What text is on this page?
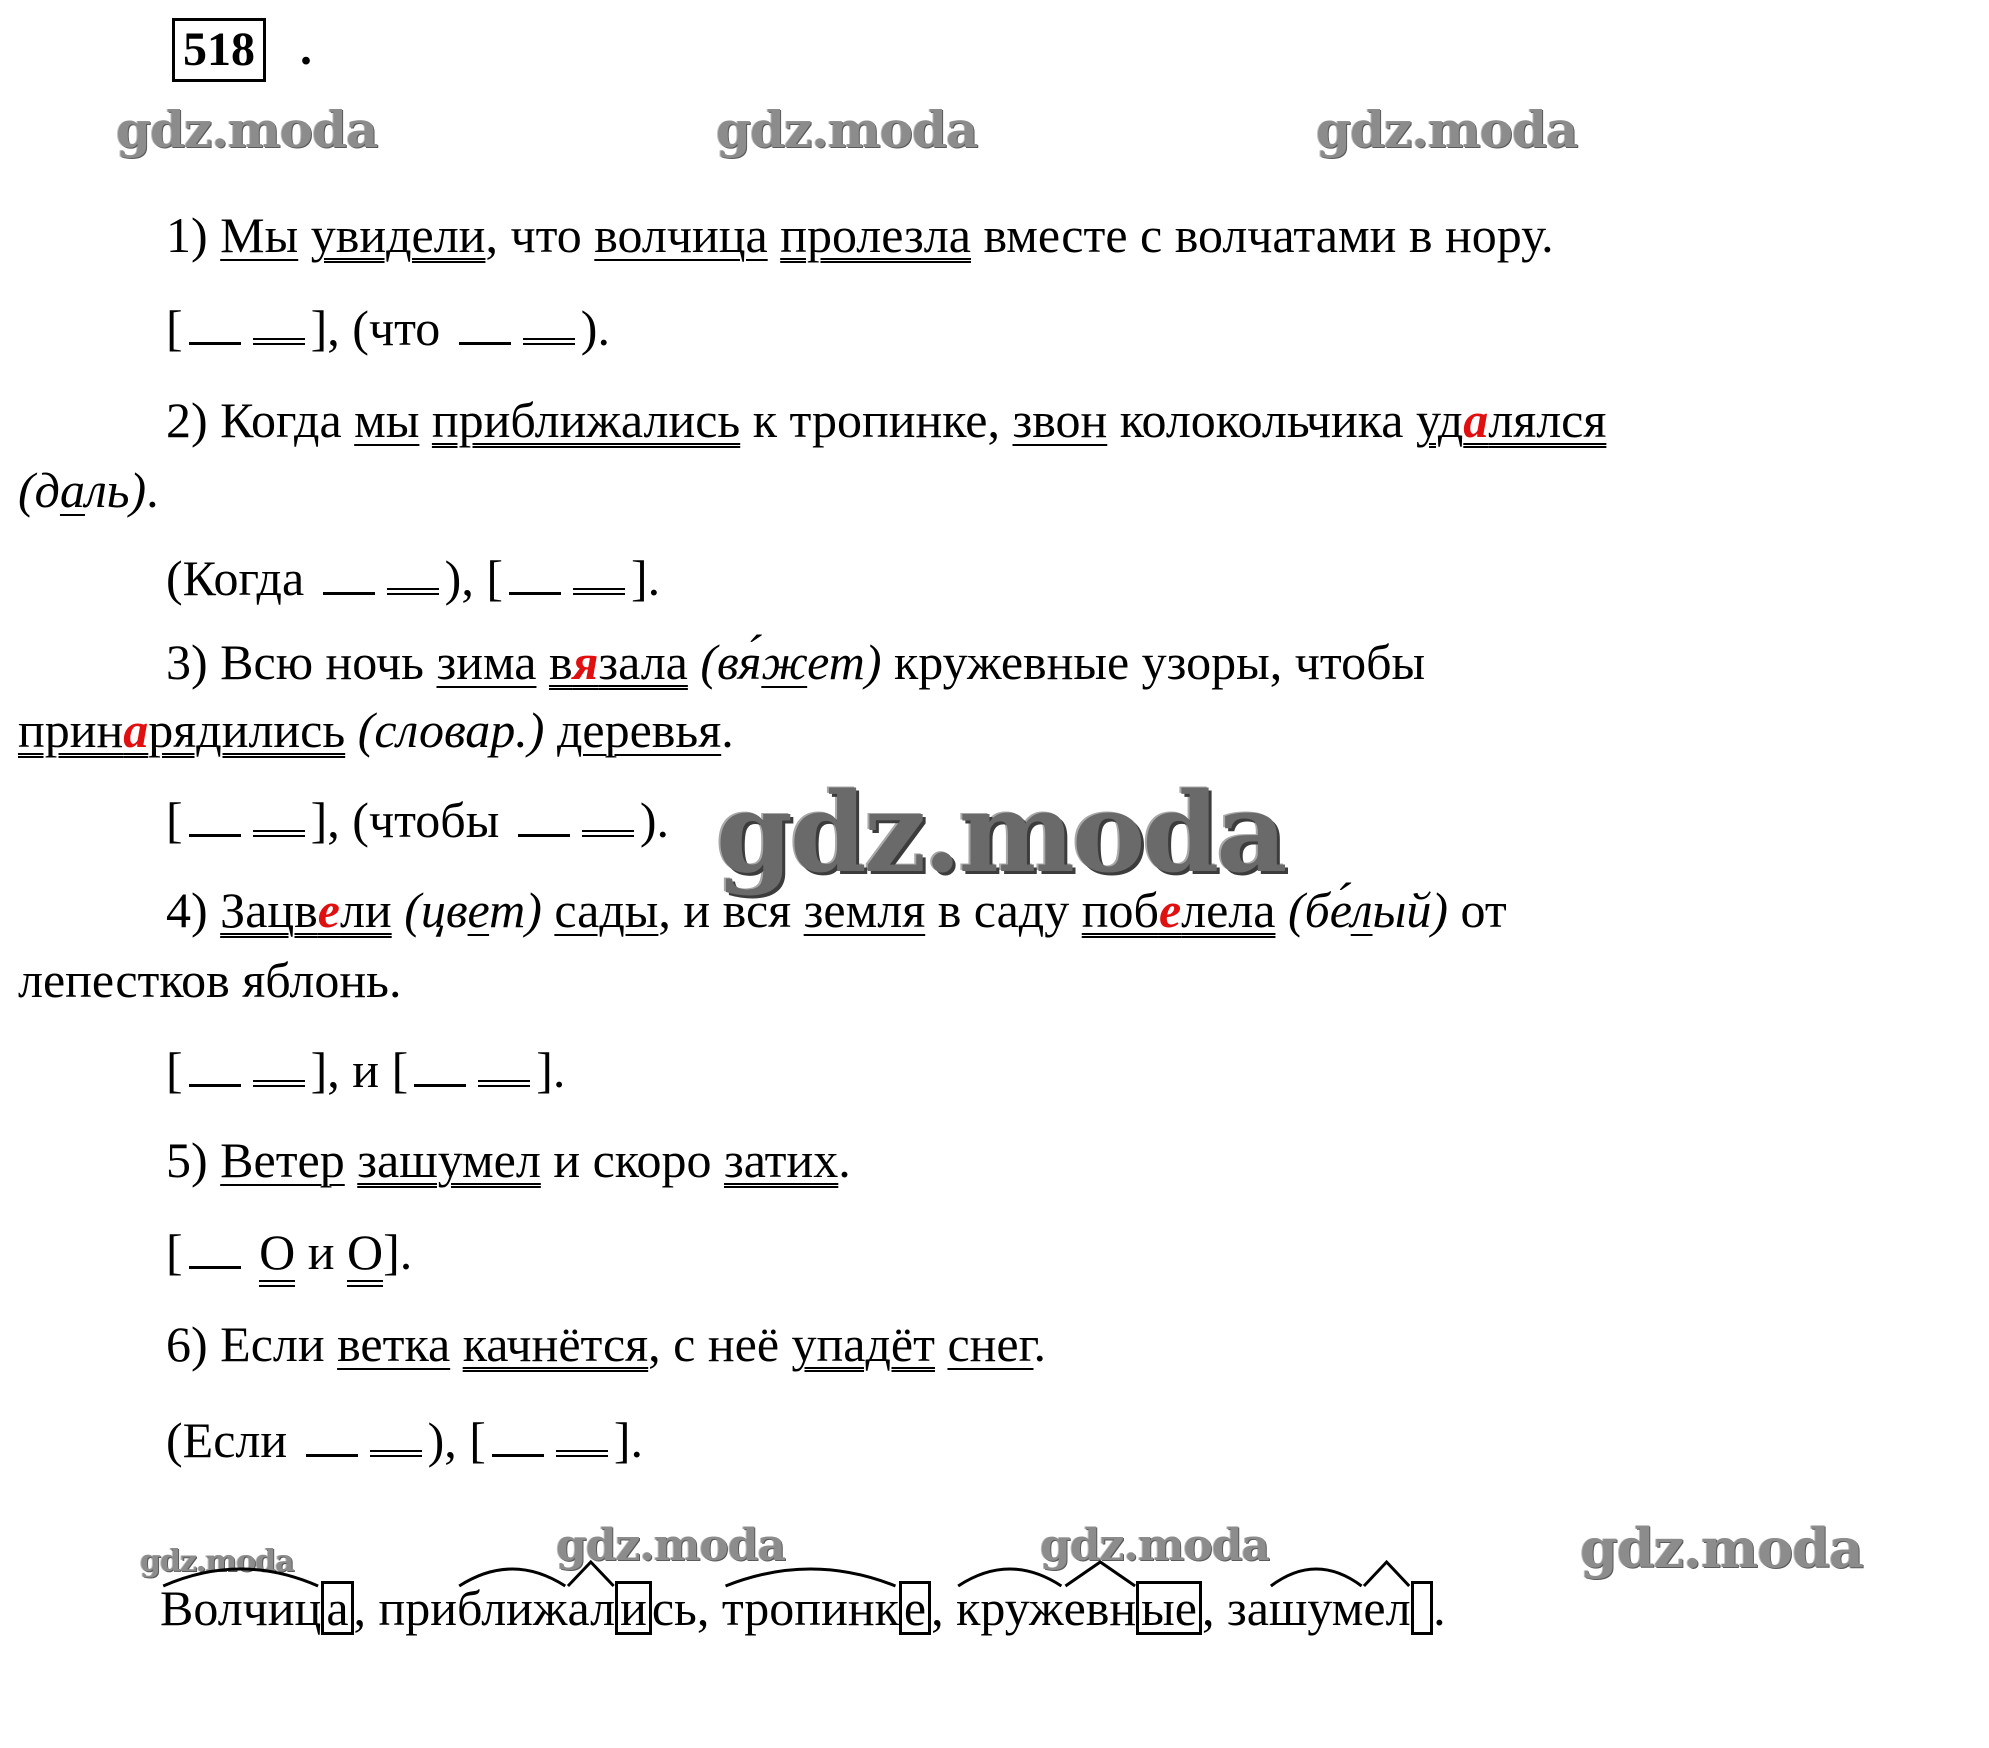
518 .
gdz.moda	gdz.moda	gdz.moda
1) Мы увидели, что волчица пролезла вместе с волчатами в нору.
[	], (что	).
2) Когда мы приближались к тропинке, звон колокольчика удалялся
(даль).
(Когда	), [	].
3) Всю ночь зима вязала (вя́жет) кружевные узоры, чтобы
принарядились (словар.) деревья.
[	], (чтобы	). gdz.moda
4) Зацвели (цвет) сады, и вся земля в саду побелела (бе́лый) от
лепестков яблонь.
[	], и [	].
5) Ветер зашумел и скоро затих.
[ O и O].
6) Если ветка качнётся, с неё упадёт снег.
(Если	), [	].
gdz.moda	gdz.moda	gdz.moda	gdz.moda
Волчиц а , при
ближ
ал и сь,
тропинк е ,
круж
евн ые , за
шум
ел .
